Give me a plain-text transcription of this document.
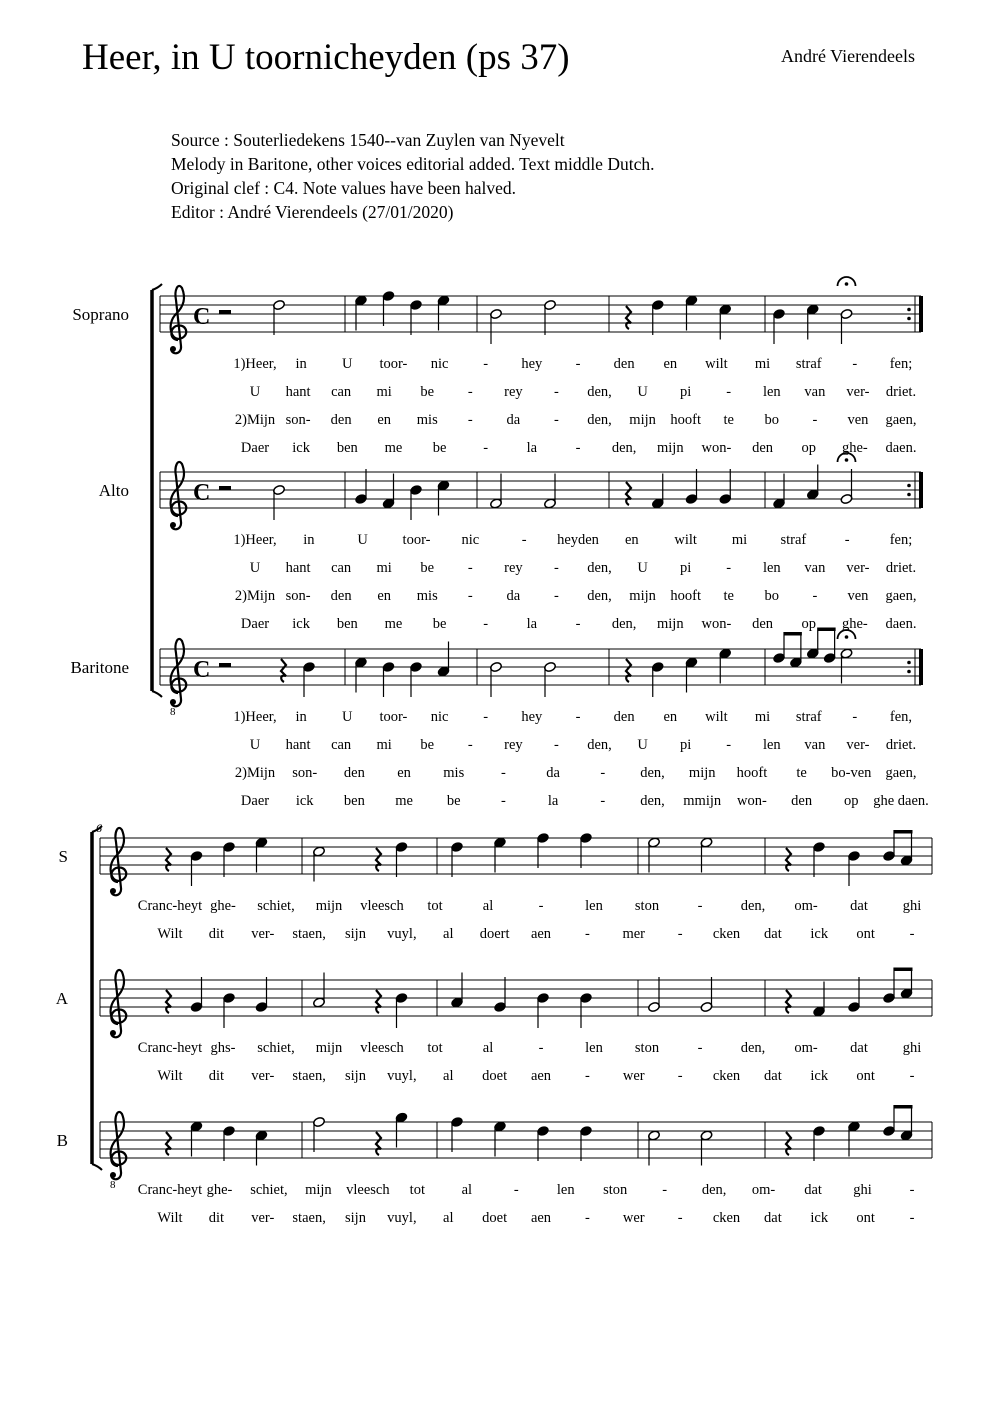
Heer, in U toornicheyden (ps 37)	André Vierendeels
Source : Souterliedekens 1540--van Zuylen van Nyevelt
Melody in Baritone, other voices editorial added. Text middle Dutch.
Original clef : C4. Note values have been halved.
Editor : André Vierendeels (27/01/2020)
Soprano	C
1)Heer, in U toor- nic - hey - den en wilt mi straf - fen;
U hant can mi be - rey - den, U pi - len van ver- driet.
2)Mijn son- den en mis - da - den, mijn hooft te bo - ven gaen,
Daer ick ben me be	-	la	- den, mijn won- den op ghe- daen.
Alto	C
1)Heer, in	U toor- nic	- heyden en wilt mi straf	-	fen;
U hant can mi be - rey - den, U pi - len van ver- driet.
2)Mijn son- den en mis - da - den, mijn hooft te bo - ven gaen,
Daer ick ben me be	-	la	- den, mijn won- den op ghe- daen.
Baritone
8
C
1)Heer, in U toor- nic - hey - den en wilt mi straf - fen,
U hant can mi be - rey - den, U pi - len van ver- driet.
2)Mijn son- den en mis	-	da	- den, mijn hooft te bo-ven gaen,
Daer ick ben me be	-	la	- den, mmijn won- den op ghe daen.
6
S
Cranc-heyt ghe- schiet, mijn vleesch tot	al	-	len ston	-	den, om- dat ghi
Wilt dit ver- staen, sijn vuyl, al doert aen - mer - cken dat ick ont -
A
Cranc-heyt ghs- schiet, mijn vleesch tot	al	-	len ston	-	den, om- dat ghi
Wilt dit ver- staen, sijn vuyl, al doet aen - wer - cken dat ick ont -
B
8 Cranc-heyt ghe- schiet, mijn vleesch tot	al	-	len ston - den, om- dat ghi	-
Wilt dit ver- staen, sijn vuyl, al doet aen - wer - cken dat ick ont -
